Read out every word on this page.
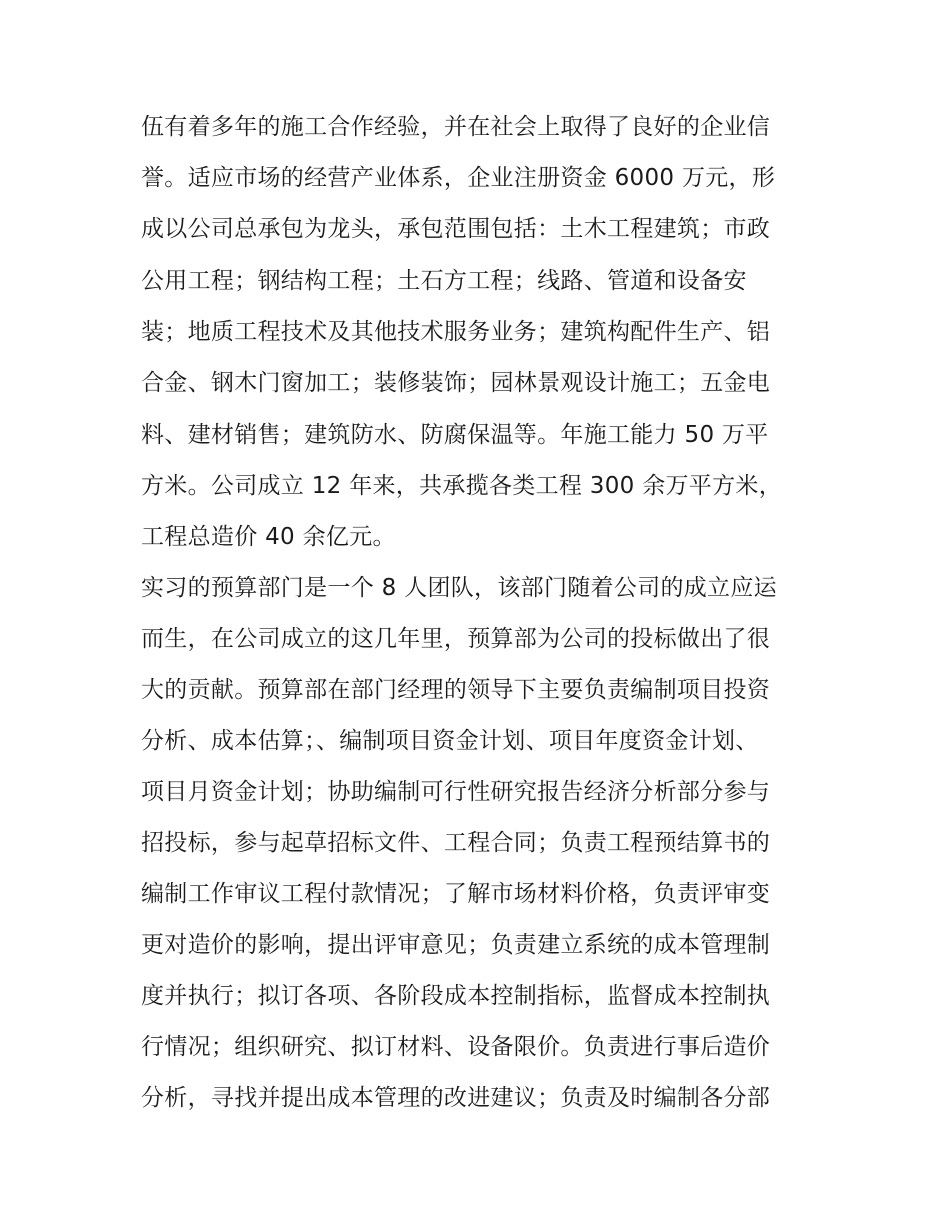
伍有着多年的施工合作经验，并在社会上取得了良好的企业信
誉。适应市场的经营产业体系，企业注册资金 6000 万元，形
成以公司总承包为龙头，承包范围包括：土木工程建筑；市政
公用工程；钢结构工程；土石方工程；线路、管道和设备安
装；地质工程技术及其他技术服务业务；建筑构配件生产、铝
合金、钢木门窗加工；装修装饰；园林景观设计施工；五金电
料、建材销售；建筑防水、防腐保温等。年施工能力 50 万平
方米。公司成立 12 年来，共承揽各类工程 300 余万平方米，
工程总造价 40 余亿元。
实习的预算部门是一个 8 人团队，该部门随着公司的成立应运
而生，在公司成立的这几年里，预算部为公司的投标做出了很
大的贡献。预算部在部门经理的领导下主要负责编制项目投资
分析、成本估算；、编制项目资金计划、项目年度资金计划、
项目月资金计划；协助编制可行性研究报告经济分析部分参与
招投标，参与起草招标文件、工程合同；负责工程预结算书的
编制工作审议工程付款情况；了解市场材料价格，负责评审变
更对造价的影响，提出评审意见；负责建立系统的成本管理制
度并执行；拟订各项、各阶段成本控制指标，监督成本控制执
行情况；组织研究、拟订材料、设备限价。负责进行事后造价
分析，寻找并提出成本管理的改进建议；负责及时编制各分部
